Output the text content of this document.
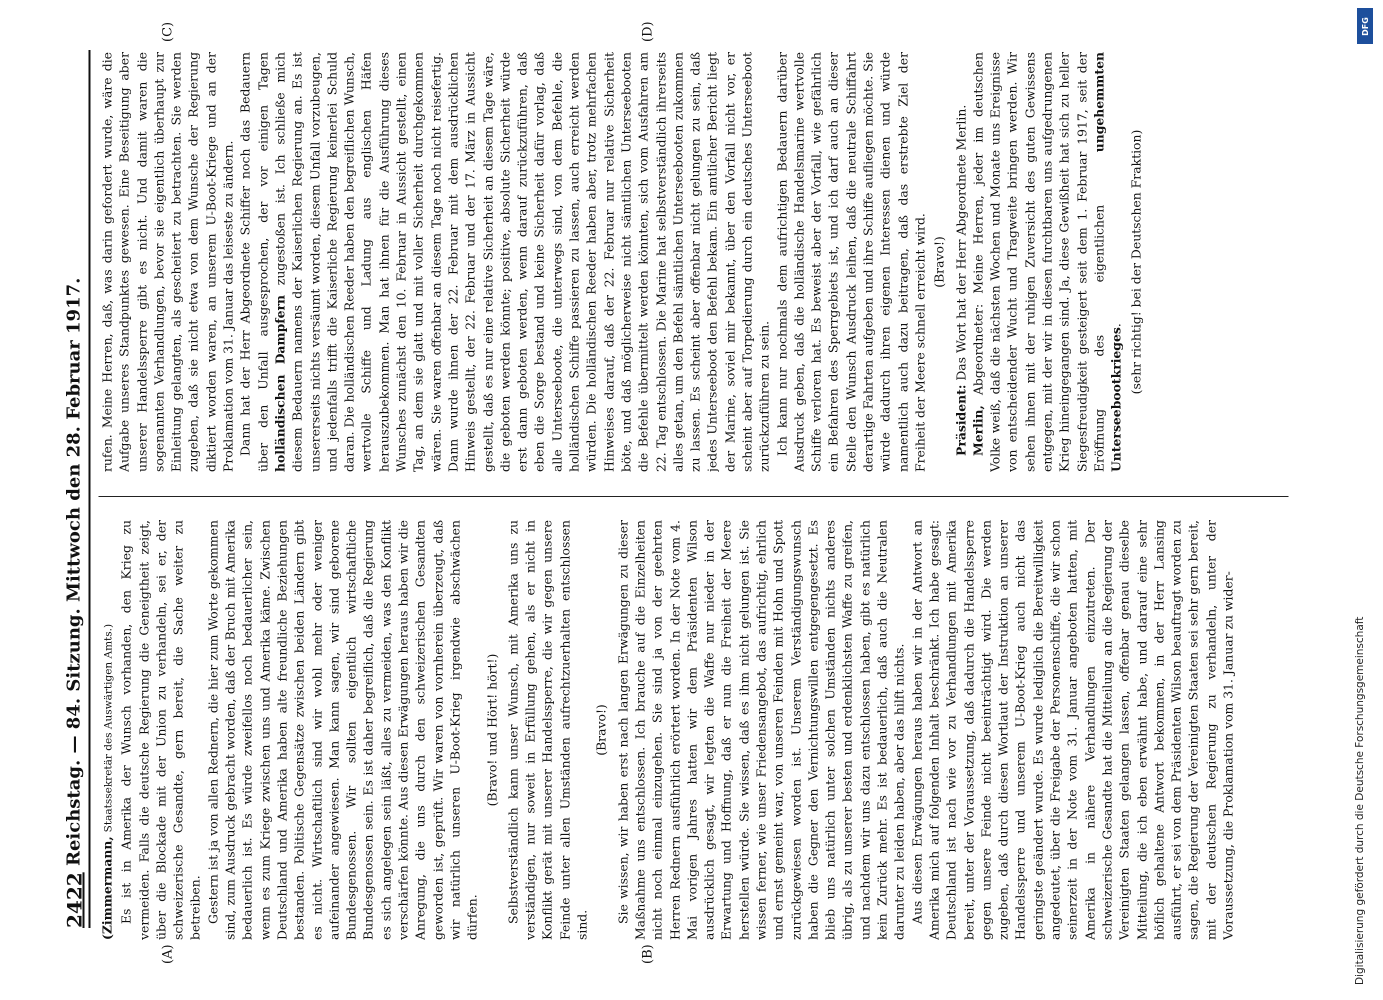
2422
Reichstag. — 84. Sitzung. Mittwoch den 28. Februar 1917.
(A)	(B)
(C)	(D)

(Zimmermann, Staatssekretär des Auswärtigen Amts.) Es ist in Amerika der Wunsch vorhanden, den Krieg zu vermeiden. Falls die deutsche Regierung die Geneigtheit zeigt, über die Blockade mit der Union zu verhandeln, sei er, der schweizerische Gesandte, gern bereit, die Sache weiter zu betreiben. Gestern ist ja von allen Rednern, die hier zum Worte gekommen sind, zum Ausdruck gebracht worden, daß der Bruch mit Amerika bedauerlich ist. Es würde zweifellos noch bedauerlicher sein, wenn es zum Kriege zwischen uns und Amerika käme. Zwischen Deutschland und Amerika haben alte freundliche Beziehungen bestanden. Politische Gegensätze zwischen beiden Ländern gibt es nicht. Wirtschaftlich sind wir wohl mehr oder weniger aufeinander angewiesen. Man kann sagen, wir sind geborene Bundesgenossen. Wir sollten eigentlich wirtschaftliche Bundesgenossen sein. Es ist daher begreiflich, daß die Regierung es sich angelegen sein läßt, alles zu vermeiden, was den Konflikt verschärfen könnte. Aus diesen Erwägungen heraus haben wir die Anregung, die uns durch den schweizerischen Gesandten geworden ist, geprüft. Wir waren von vornherein überzeugt, daß wir natürlich unseren U-Boot-Krieg irgendwie abschwächen dürfen.

(Bravo! und Hört! hört!) Selbstverständlich kann unser Wunsch, mit Amerika uns zu verständigen, nur soweit in Erfüllung gehen, als er nicht in Konflikt gerät mit unserer Handelssperre, die wir gegen unsere Feinde unter allen Umständen aufrechtzuerhalten entschlossen sind.

(Bravo!) Sie wissen, wir haben erst nach langen Erwägungen zu dieser Maßnahme uns entschlossen. Ich brauche auf die Einzelheiten nicht noch einmal einzugehen. Sie sind ja von der geehrten Herren Rednern ausführlich erörtert worden. In der Note vom 4. Mai vorigen Jahres hatten wir dem Präsidenten Wilson ausdrücklich gesagt, wir legten die Waffe nur nieder in der Erwartung und Hoffnung, daß er nun die Freiheit der Meere herstellen würde. Sie wissen, daß es ihm nicht gelungen ist. Sie wissen ferner, wie unser Friedensangebot, das aufrichtig, ehrlich und ernst gemeint war, von unseren Feinden mit Hohn und Spott zurückgewiesen worden ist. Unserem Verständigungswunsch haben die Gegner den Vernichtungswillen entgegengesetzt. Es blieb uns natürlich unter solchen Umständen nichts anderes übrig, als zu unserer besten und erdenklichsten Waffe zu greifen, und nachdem wir uns dazu entschlossen haben, gibt es natürlich kein Zurück mehr. Es ist bedauerlich, daß auch die Neutralen darunter zu leiden haben, aber das hilft nichts. Aus diesen Erwägungen heraus haben wir in der Antwort an Amerika mich auf folgenden Inhalt beschränkt. Ich habe gesagt: Deutschland ist nach wie vor zu Verhandlungen mit Amerika bereit, unter der Voraussetzung, daß dadurch die Handelssperre gegen unsere Feinde nicht beeinträchtigt wird. Die werden zugeben, daß durch diesen Wortlaut der Instruktion an unserer Handelssperre und unserem U-Boot-Krieg auch nicht das geringste geändert wurde. Es wurde lediglich die Bereitwilligkeit angedeutet, über die Freigabe der Personenschiffe, die wir schon seinerzeit in der Note vom 31. Januar angeboten hatten, mit Amerika in nähere Verhandlungen einzutreten. Der schweizerische Gesandte hat die Mitteilung an die Regierung der Vereinigten Staaten gelangen lassen, offenbar genau dieselbe Mitteilung, die ich eben erwähnt habe, und darauf eine sehr höflich gehaltene Antwort bekommen, in der Herr Lansing ausführt, er sei von dem Präsidenten Wilson beauftragt worden zu sagen, die Regierung der Vereinigten Staaten sei sehr gern bereit, mit der deutschen Regierung zu verhandeln, unter der Voraussetzung, die Proklamation vom 31. Januar zu wider-

rufen. Meine Herren, daß, was darin gefordert wurde, wäre die Aufgabe unseres Standpunktes gewesen. Eine Beseitigung aber unserer Handelssperre gibt es nicht. Und damit waren die sogenannten Verhandlungen, bevor sie eigentlich überhaupt zur Einleitung gelangten, als gescheitert zu betrachten. Sie werden zugeben, daß sie nicht etwa von dem Wunsche der Regierung diktiert worden waren, an unserem U-Boot-Kriege und an der Proklamation vom 31. Januar das leiseste zu ändern. Dann hat der Herr Abgeordnete Schiffer noch das Bedauern über den Unfall ausgesprochen, der vor einigen Tagen holländischen Dampfern zugestoßen ist. Ich schließe mich diesem Bedauern namens der Kaiserlichen Regierung an. Es ist unsererseits nichts versäumt worden, diesem Unfall vorzubeugen, und jedenfalls trifft die Kaiserliche Regierung keinerlei Schuld daran. Die holländischen Reeder haben den begreiflichen Wunsch, wertvolle Schiffe und Ladung aus englischen Häfen herauszubekommen. Man hat ihnen für die Ausführung dieses Wunsches zunächst den 10. Februar in Aussicht gestellt, einen Tag, an dem sie glatt und mit voller Sicherheit durchgekommen wären. Sie waren offenbar an diesem Tage noch nicht reisefertig. Dann wurde ihnen der 22. Februar mit dem ausdrücklichen Hinweis gestellt, der 22. Februar und der 17. März in Aussicht gestellt, daß es nur eine relative Sicherheit an diesem Tage wäre, die geboten werden könnte; positive, absolute Sicherheit würde erst dann geboten werden, wenn darauf zurückzuführen, daß eben die Sorge bestand und keine Sicherheit dafür vorlag, daß alle Unterseeboote, die unterwegs sind, von dem Befehle, die holländischen Schiffe passieren zu lassen, auch erreicht werden würden. Die holländischen Reeder haben aber, trotz mehrfachen Hinweises darauf, daß der 22. Februar nur relative Sicherheit böte, und daß möglicherweise nicht sämtlichen Unterseebooten die Befehle übermittelt werden könnten, sich vom Ausfahren am 22. Tag entschlossen. Die Marine hat selbstverständlich ihrerseits alles getan, um den Befehl sämtlichen Unterseebooten zukommen zu lassen. Es scheint aber offenbar nicht gelungen zu sein, daß jedes Unterseeboot den Befehl bekam. Ein amtlicher Bericht liegt der Marine, soviel mir bekannt, über den Vorfall nicht vor, er scheint aber auf Torpedierung durch ein deutsches Unterseeboot zurückzuführen zu sein. Ich kann nur nochmals dem aufrichtigen Bedauern darüber Ausdruck geben, daß die holländische Handelsmarine wertvolle Schiffe verloren hat. Es beweist aber der Vorfall, wie gefährlich ein Befahren des Sperrgebiets ist, und ich darf auch an dieser Stelle den Wunsch Ausdruck leihen, daß die neutrale Schiffahrt derartige Fahrten aufgeben und ihre Schiffe aufliegen möchte. Sie würde dadurch ihren eigenen Interessen dienen und würde namentlich auch dazu beitragen, daß das erstrebte Ziel der Freiheit der Meere schnell erreicht wird. (Bravo!)

Präsident: Das Wort hat der Herr Abgeordnete Merlin.

Merlin, Abgeordneter: Meine Herren, jeder im deutschen Volke weiß, daß die nächsten Wochen und Monate uns Ereignisse von entscheidender Wucht und Tragweite bringen werden. Wir sehen ihnen mit der ruhigen Zuversicht des guten Gewissens entgegen, mit der wir in diesen furchtbaren uns aufgedrungenen Krieg hineingegangen sind. Ja, diese Gewißheit hat sich zu heller Siegesfreudigkeit gesteigert seit dem 1. Februar 1917, seit der Eröffnung des eigentlichen ungehemmten Unterseebootkrieges. (sehr richtig! bei der Deutschen Fraktion)

DFG
Digitalisierung gefördert durch die Deutsche Forschungsgemeinschaft
